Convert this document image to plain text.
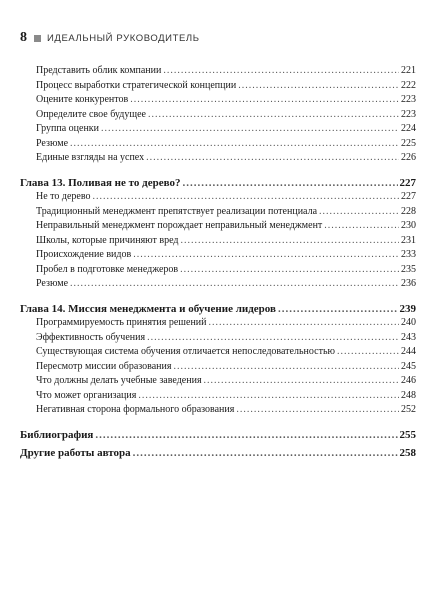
8 ИДЕАЛЬНЫЙ РУКОВОДИТЕЛЬ
Представить облик компании .....	221
Процесс выработки стратегической концепции .....	222
Оцените конкурентов .....	223
Определите свое будущее .....	223
Группа оценки .....	224
Резюме .....	225
Единые взгляды на успех .....	226
Глава 13. Поливая не то дерево? .....	227
Не то дерево .....	227
Традиционный менеджмент препятствует реализации потенциала .....	228
Неправильный менеджмент порождает неправильный менеджмент .....	230
Школы, которые причиняют вред .....	231
Происхождение видов .....	233
Пробел в подготовке менеджеров .....	235
Резюме .....	236
Глава 14. Миссия менеджмента и обучение лидеров .....	239
Программируемость принятия решений .....	240
Эффективность обучения .....	243
Существующая система обучения отличается непоследовательностью .....	244
Пересмотр миссии образования .....	245
Что должны делать учебные заведения .....	246
Что может организация .....	248
Негативная сторона формального образования .....	252
Библиография .....	255
Другие работы автора .....	258
